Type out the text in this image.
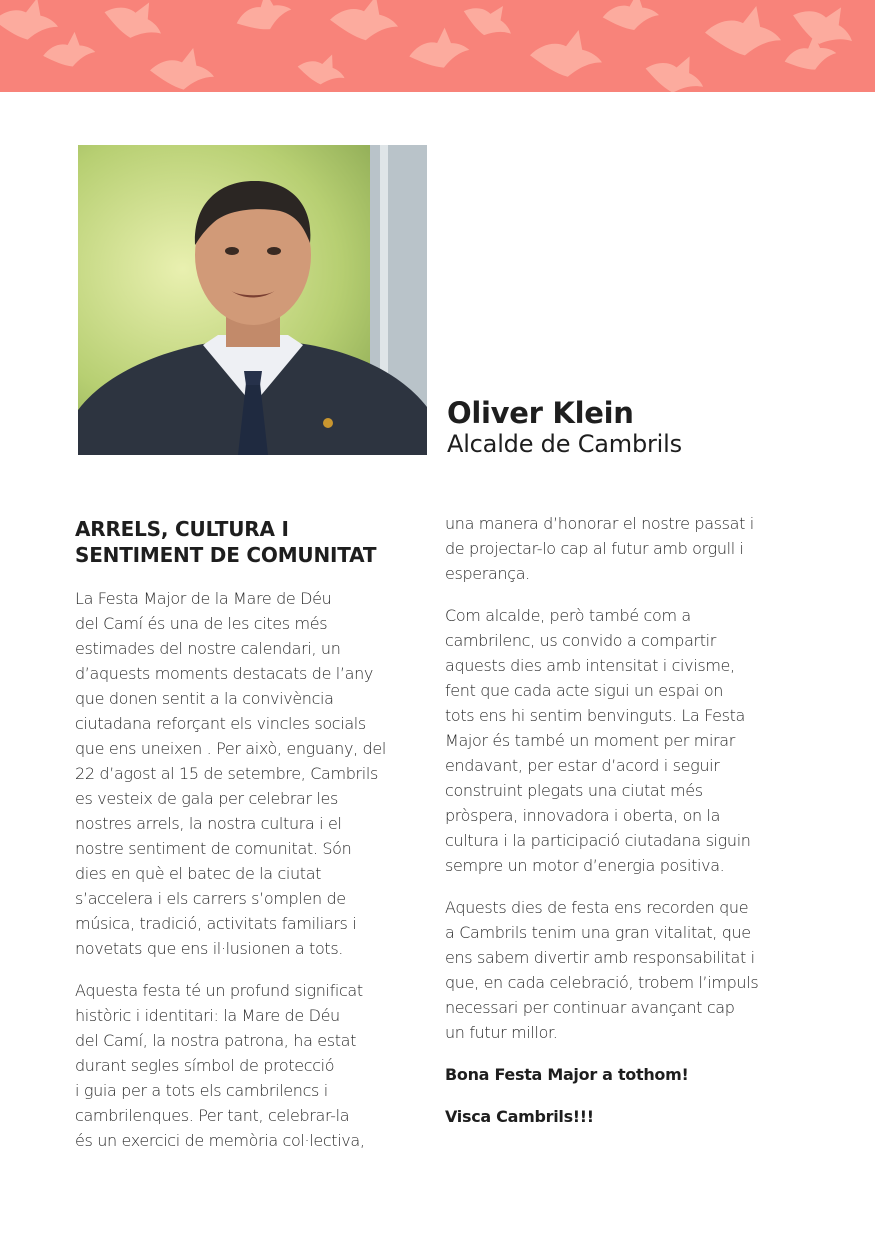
Oliver Klein
Alcalde de Cambrils
ARRELS, CULTURA I
SENTIMENT DE COMUNITAT
La Festa Major de la Mare de Déu
del Camí és una de les cites més
estimades del nostre calendari, un
d’aquests moments destacats de l’any
que donen sentit a la convivència
ciutadana reforçant els vincles socials
que ens uneixen . Per això, enguany, del
22 d’agost al 15 de setembre, Cambrils
es vesteix de gala per celebrar les
nostres arrels, la nostra cultura i el
nostre sentiment de comunitat. Són
dies en què el batec de la ciutat
s’accelera i els carrers s’omplen de
música, tradició, activitats familiars i
novetats que ens il·lusionen a tots.
Aquesta festa té un profund significat
històric i identitari: la Mare de Déu
del Camí, la nostra patrona, ha estat
durant segles símbol de protecció
i guia per a tots els cambrilencs i
cambrilenques. Per tant, celebrar-la
és un exercici de memòria col·lectiva,
una manera d’honorar el nostre passat i
de projectar-lo cap al futur amb orgull i
esperança.
Com alcalde, però també com a
cambrilenc, us convido a compartir
aquests dies amb intensitat i civisme,
fent que cada acte sigui un espai on
tots ens hi sentim benvinguts. La Festa
Major és també un moment per mirar
endavant, per estar d’acord i seguir
construint plegats una ciutat més
pròspera, innovadora i oberta, on la
cultura i la participació ciutadana siguin
sempre un motor d’energia positiva.
Aquests dies de festa ens recorden que
a Cambrils tenim una gran vitalitat, que
ens sabem divertir amb responsabilitat i
que, en cada celebració, trobem l’impuls
necessari per continuar avançant cap
un futur millor.
Bona Festa Major a tothom!
Visca Cambrils!!!
